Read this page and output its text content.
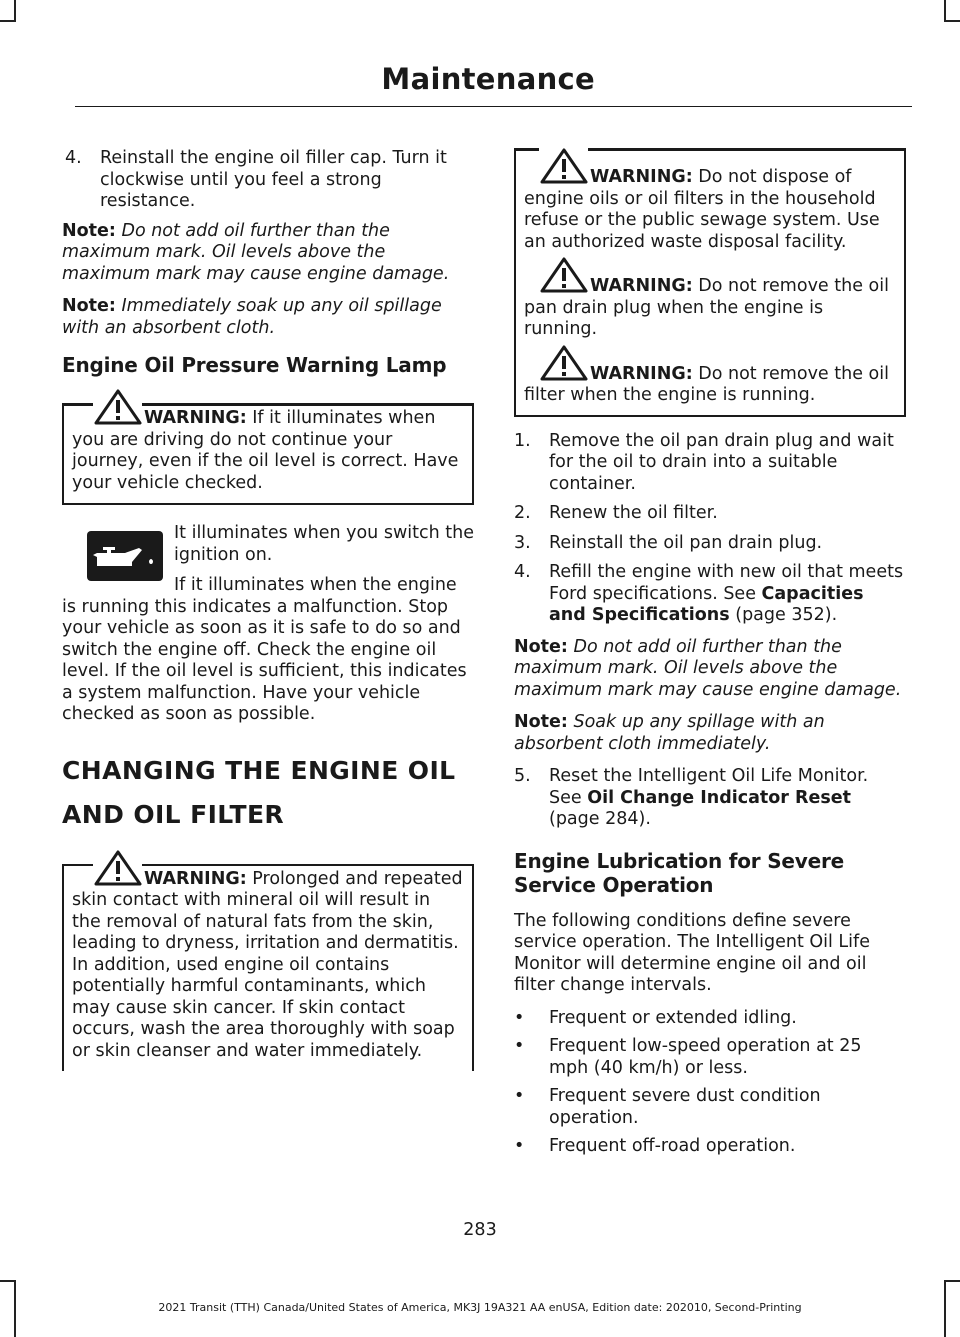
Maintenance
4.	Reinstall the engine oil filler cap. Turn it clockwise until you feel a strong resistance.

Note: Do not add oil further than the maximum mark. Oil levels above the maximum mark may cause engine damage.

Note: Immediately soak up any oil spillage with an absorbent cloth.

Engine Oil Pressure Warning Lamp

WARNING: If it illuminates when you are driving do not continue your journey, even if the oil level is correct. Have your vehicle checked.

It illuminates when you switch the ignition on.

If it illuminates when the engine is running this indicates a malfunction. Stop your vehicle as soon as it is safe to do so and switch the engine off. Check the engine oil level. If the oil level is sufficient, this indicates a system malfunction. Have your vehicle checked as soon as possible.

CHANGING THE ENGINE OIL
AND OIL FILTER

WARNING: Prolonged and repeated skin contact with mineral oil will result in the removal of natural fats from the skin, leading to dryness, irritation and dermatitis. In addition, used engine oil contains potentially harmful contaminants, which may cause skin cancer. If skin contact occurs, wash the area thoroughly with soap or skin cleanser and water immediately.

WARNING: Do not dispose of engine oils or oil filters in the household refuse or the public sewage system. Use an authorized waste disposal facility.

WARNING: Do not remove the oil pan drain plug when the engine is running.

WARNING: Do not remove the oil filter when the engine is running.

1.	Remove the oil pan drain plug and wait for the oil to drain into a suitable container.
2.	Renew the oil filter.
3.	Reinstall the oil pan drain plug.
4.	Refill the engine with new oil that meets Ford specifications. See Capacities and Specifications (page 352).

Note: Do not add oil further than the maximum mark. Oil levels above the maximum mark may cause engine damage.

Note: Soak up any spillage with an absorbent cloth immediately.

5.	Reset the Intelligent Oil Life Monitor. See Oil Change Indicator Reset (page 284).
Engine Lubrication for Severe Service Operation

The following conditions define severe service operation. The Intelligent Oil Life Monitor will determine engine oil and oil filter change intervals.

•	Frequent or extended idling.
•	Frequent low-speed operation at 25 mph (40 km/h) or less.
•	Frequent severe dust condition operation.
•	Frequent off-road operation.
283
2021 Transit (TTH) Canada/United States of America, MK3J 19A321 AA enUSA, Edition date: 202010, Second-Printing
